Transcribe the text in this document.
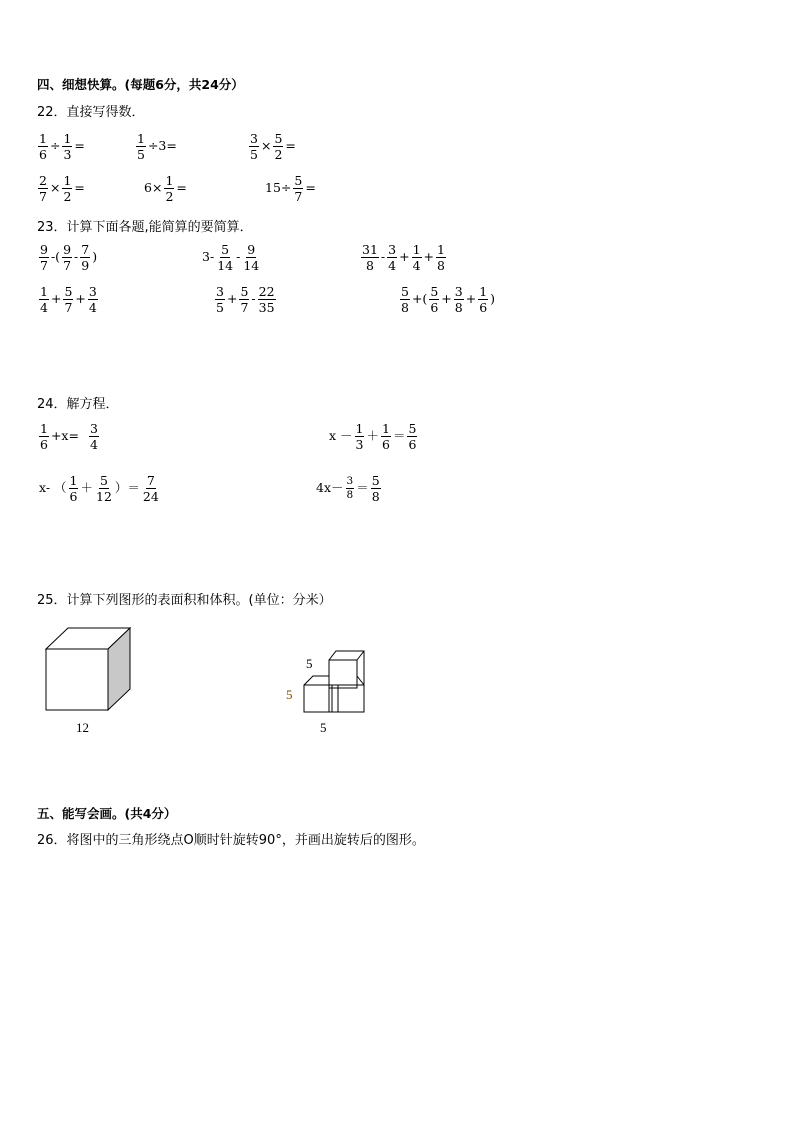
四、细想快算。(每题6分，共24分）
22．直接写得数．
$\frac{1}{6} \div \frac{1}{3}$ =	$\frac{1}{5} \div 3=$	$\frac{3}{5} \times \frac{5}{2}$ =
$\frac{2}{7} \times \frac{1}{2}$ =	$6\times \frac{1}{2}$ =	$15\div \frac{5}{7}$ =
23．计算下面各题,能简算的要简算．
$\frac{9}{7}$ -( $\frac{9}{7} - \frac{7}{9}$ )	$3- \frac{5}{14} - \frac{9}{14}$	$\frac{31}{8} - \frac{3}{4} + \frac{1}{4} + \frac{1}{8}$
$\frac{1}{4} + \frac{5}{7} + \frac{3}{4}$	$\frac{3}{5} + \frac{5}{7} - \frac{22}{35}$	$\frac{5}{8}$ +( $\frac{5}{6} + \frac{3}{8} + \frac{1}{6}$ )
24．解方程．
$\frac{1}{6} +x= \frac{3}{4}$	$x - \frac{1}{3} + \frac{1}{6} = \frac{5}{6}$
x- （ $\frac{1}{6} + \frac{5}{12}$ ）＝ $\frac{7}{24}$	$4x- \frac{3}{8} = \frac{5}{8}$
25．计算下列图形的表面积和体积。(单位：分米）
12
5
5
5
五、能写会画。(共4分）
26．将图中的三角形绕点O顺时针旋转90°，并画出旋转后的图形。
